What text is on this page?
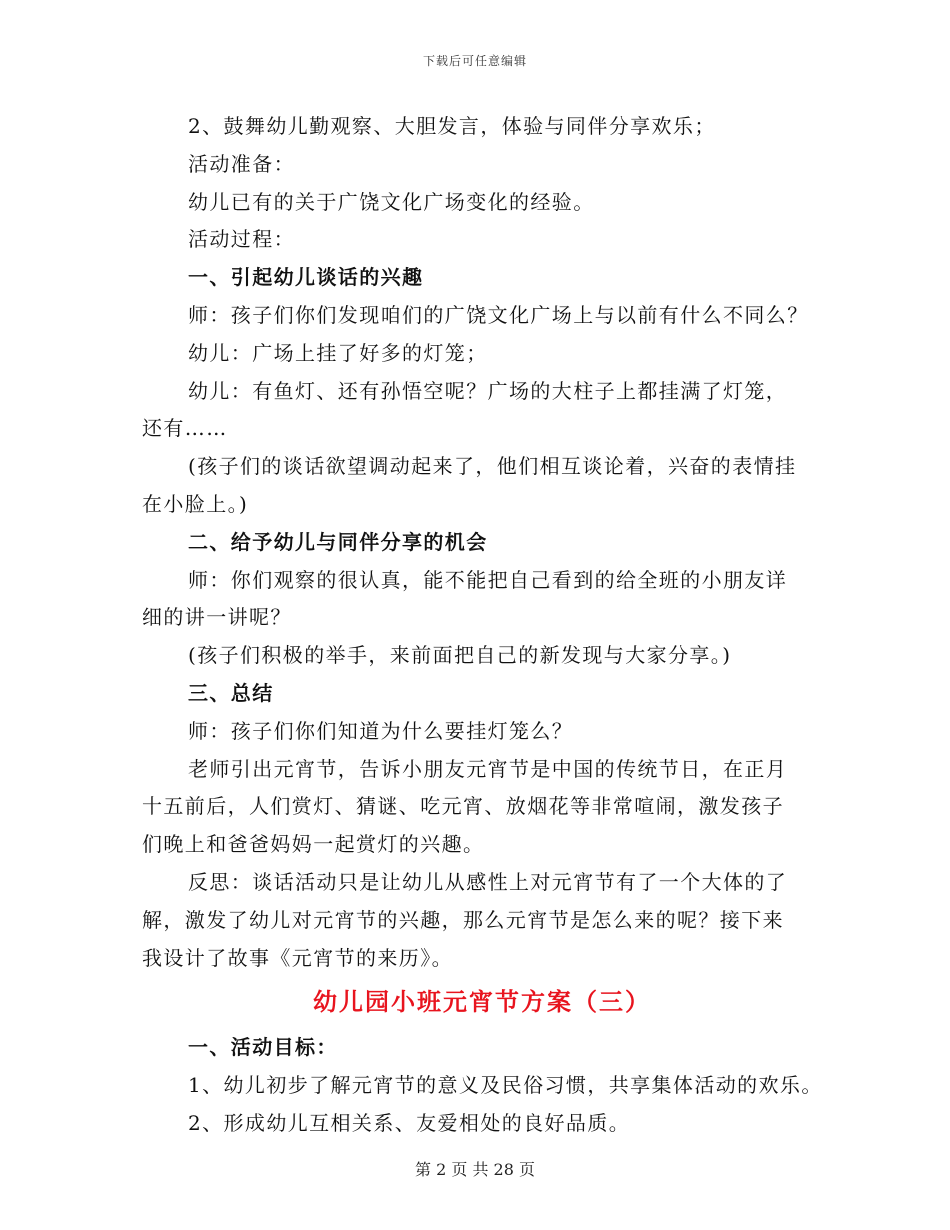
下载后可任意编辑
2、鼓舞幼儿勤观察、大胆发言，体验与同伴分享欢乐；
活动准备：
幼儿已有的关于广饶文化广场变化的经验。
活动过程：
一、引起幼儿谈话的兴趣
师：孩子们你们发现咱们的广饶文化广场上与以前有什么不同么？
幼儿：广场上挂了好多的灯笼；
幼儿：有鱼灯、还有孙悟空呢？广场的大柱子上都挂满了灯笼，
还有……
(孩子们的谈话欲望调动起来了，他们相互谈论着，兴奋的表情挂
在小脸上。)
二、给予幼儿与同伴分享的机会
师：你们观察的很认真，能不能把自己看到的给全班的小朋友详
细的讲一讲呢？
(孩子们积极的举手，来前面把自己的新发现与大家分享。)
三、总结
师：孩子们你们知道为什么要挂灯笼么？
老师引出元宵节，告诉小朋友元宵节是中国的传统节日，在正月
十五前后，人们赏灯、猜谜、吃元宵、放烟花等非常喧闹，激发孩子
们晚上和爸爸妈妈一起赏灯的兴趣。
反思：谈话活动只是让幼儿从感性上对元宵节有了一个大体的了
解，激发了幼儿对元宵节的兴趣，那么元宵节是怎么来的呢？接下来
我设计了故事《元宵节的来历》。
幼儿园小班元宵节方案（三）
一、活动目标：
1、幼儿初步了解元宵节的意义及民俗习惯，共享集体活动的欢乐。
2、形成幼儿互相关系、友爱相处的良好品质。
第 2 页 共 28 页
